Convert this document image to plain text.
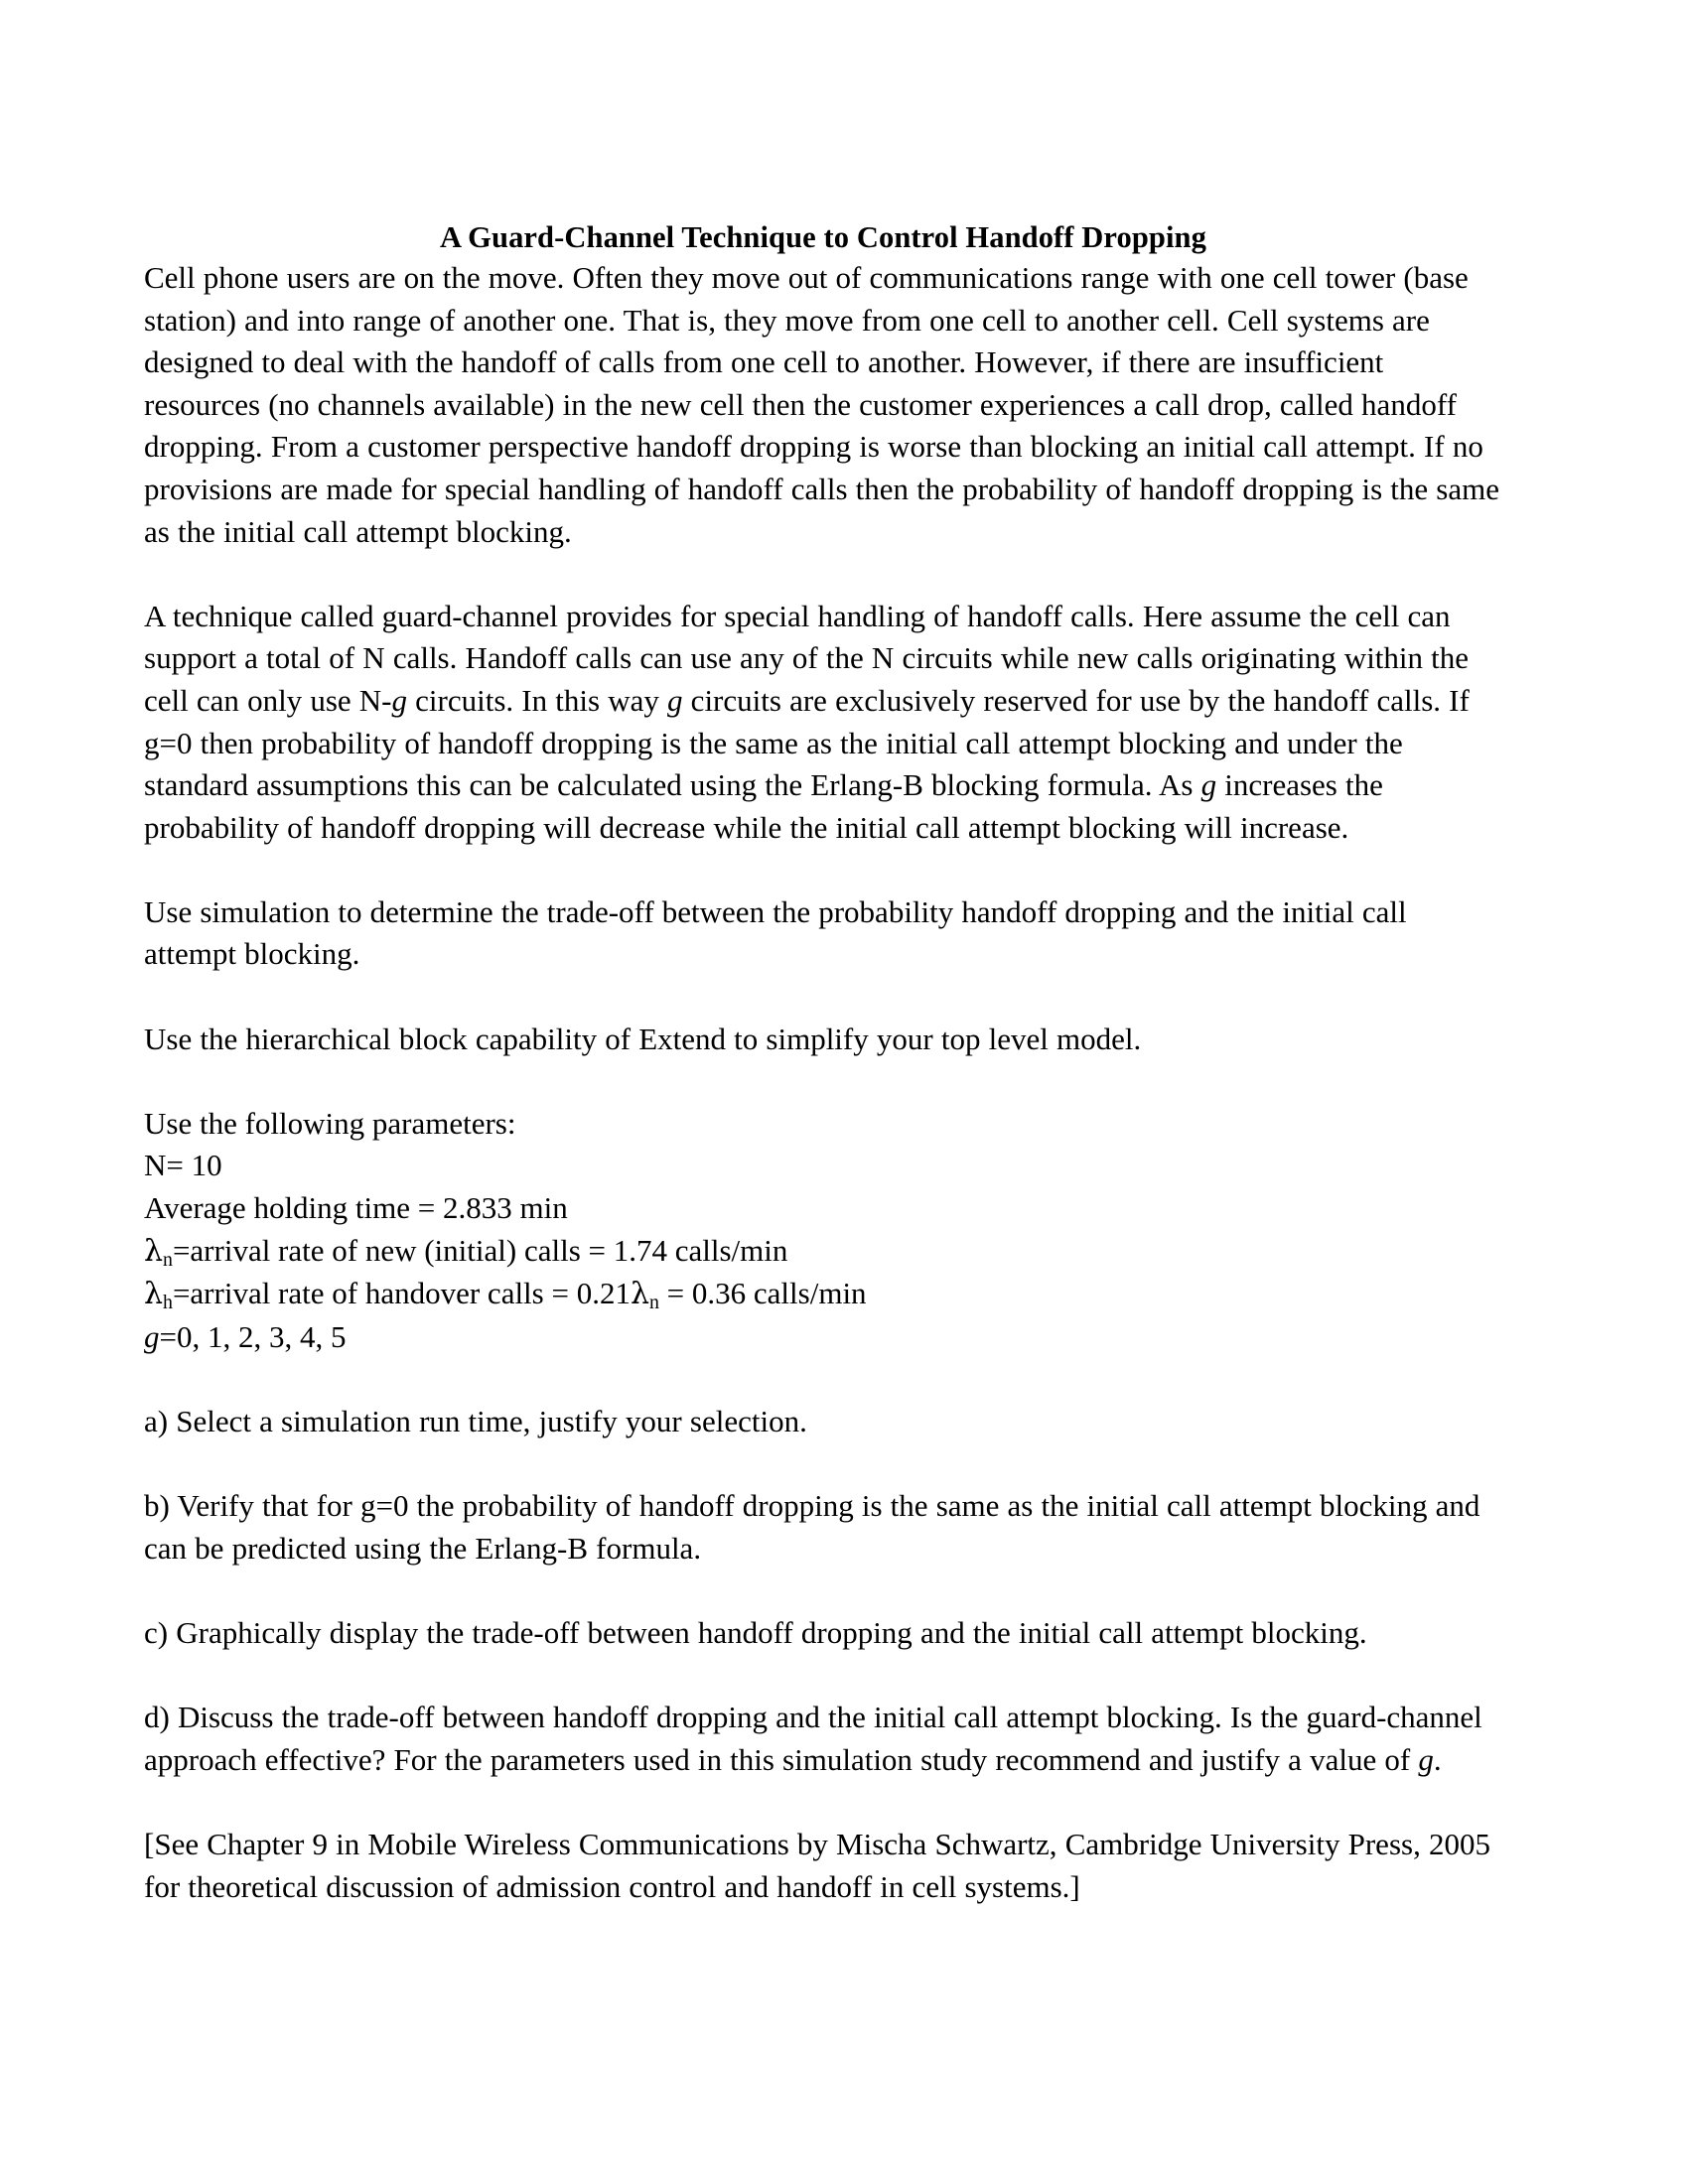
A Guard-Channel Technique to Control Handoff Dropping

Cell phone users are on the move. Often they move out of communications range with one cell tower (base station) and into range of another one. That is, they move from one cell to another cell. Cell systems are designed to deal with the handoff of calls from one cell to another. However, if there are insufficient resources (no channels available) in the new cell then the customer experiences a call drop, called handoff dropping. From a customer perspective handoff dropping is worse than blocking an initial call attempt. If no provisions are made for special handling of handoff calls then the probability of handoff dropping is the same as the initial call attempt blocking.

A technique called guard-channel provides for special handling of handoff calls. Here assume the cell can support a total of N calls. Handoff calls can use any of the N circuits while new calls originating within the cell can only use N-g circuits. In this way g circuits are exclusively reserved for use by the handoff calls. If g=0 then probability of handoff dropping is the same as the initial call attempt blocking and under the standard assumptions this can be calculated using the Erlang-B blocking formula. As g increases the probability of handoff dropping will decrease while the initial call attempt blocking will increase.

Use simulation to determine the trade-off between the probability handoff dropping and the initial call attempt blocking.

Use the hierarchical block capability of Extend to simplify your top level model.

Use the following parameters:
N= 10
Average holding time = 2.833 min
$\lambda_n=arrival$ rate of new (initial) calls = 1.74 calls/min
$\lambda_h=arrival$ rate of handover calls = $0.21\lambda_n = 0.36$ calls/min
g=0, 1, 2, 3, 4, 5

a) Select a simulation run time, justify your selection.

b) Verify that for g=0 the probability of handoff dropping is the same as the initial call attempt blocking and can be predicted using the Erlang-B formula.

c) Graphically display the trade-off between handoff dropping and the initial call attempt blocking.

d) Discuss the trade-off between handoff dropping and the initial call attempt blocking. Is the guard-channel approach effective? For the parameters used in this simulation study recommend and justify a value of g.

[See Chapter 9 in Mobile Wireless Communications by Mischa Schwartz, Cambridge University Press, 2005 for theoretical discussion of admission control and handoff in cell systems.]
